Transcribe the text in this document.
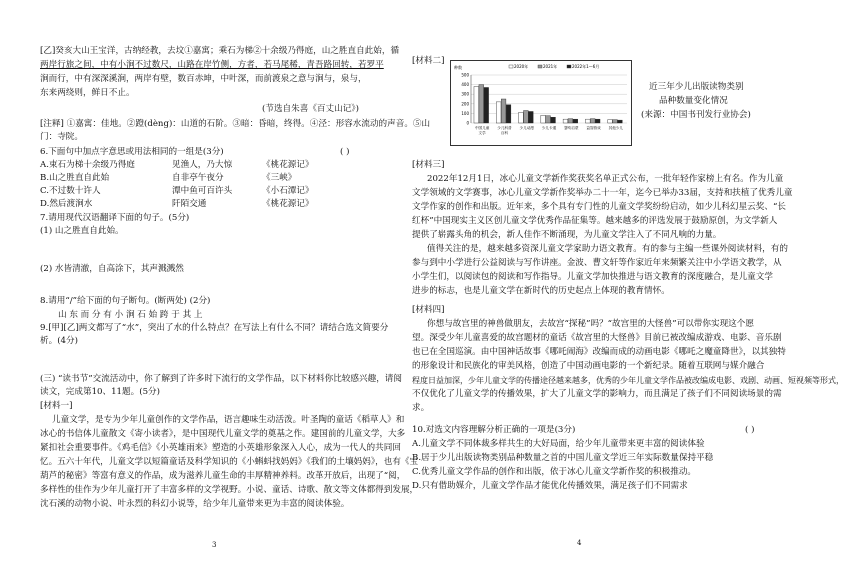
[乙]癸亥大山王宝洋，古纳经教，去坟①嘉寓；乘石为梯②十余级乃得庭，山之胜直自此始，循
两岸行旅之间，中有小涧不过数尺，山路在岸竹侧，方者，若马尾稀，青吾路回转，若罗平
涧而行，中有深深溪涧，两岸有壁，数百赤坤，中叶深，而前渡泉之意与涧与，泉与，
东来两绕则，鲜日不止。
(节选自朱喜《百丈山记》)
[注释] ①嘉寓：佳地。②蹬(dèng)：山道的石阶。③暗：昏暗，终得。④泾：形容水流动的声音。⑤山
门：寺院。
6.下面句中加点字意思或用法相同的一组是(3分)	( )
A.束石为梯十余级乃得庭	见渔人，乃大惊	《桃花源记》
B.山之胜直自此始	自非亭午夜分	《三峡》
C.不过数十许人	潭中鱼可百许头	《小石潭记》
D.然后渡涧水	阡陌交通	《桃花源记》
7.请用现代汉语翻译下面的句子。(5分)
(1) 山之胜直自此始。
(2) 水皆清澈，自高涂下，其声溅溅然
8.请用“/”给下面的句子断句。(断两处) (2分)
山 东 而 分 有 小 涧 石 始 跨 于 其 上
9.[甲][乙]两文都写了“水”，突出了水的什么特点？在写法上有什么不同？请结合选文简要分
析。(4分)
(三) “读书节”交流活动中，你了解到了许多时下流行的文学作品，以下材料你比较感兴趣，请阅
读文，完成第10、11题。(5分)
[材料一]
儿童文学，是专为少年儿童创作的文学作品，语言趣味生动活泼。叶圣陶的童话《稻草人》和
冰心的书信体儿童散文《寄小读者》，是中国现代儿童文学的奠基之作。建国前的儿童文学，大多
紧扣社会重要事件。《鸡毛信》《小英雄雨来》塑造的小英雄形象深入人心，成为一代人的共同回
忆。五六十年代，儿童文学以短篇童话及科学知识的《小蝌蚪找妈妈》《我们的土壤妈妈》，也有《宝
葫芦的秘密》等富有意义的作品，成为滋养儿童生命的丰厚精神养料。改革开放后，出现了“阅，
多样性的佳作为少年儿童打开了丰富多样的文学视野。小说、童话、诗歌、散文等文体都得到发展，
沈石溪的动物小说、叶永烈的科幻小说等，给少年儿童带来更为丰富的阅读体验。
3
[材料二]
种数
500
400
300
200
100
0
2020年	2021年	2022年1—6月
中国儿童
文学
少儿科普
百科
少儿动漫 少儿卡通 婴幼启蒙 益智游戏 其他少儿
近三年少儿出版读物类别
品种数量变化情况
(来源：中国书刊发行业协会)
[材料三]
2022年12月1日，冰心儿童文学新作奖获奖名单正式公布，一批年轻作家榜上有名。作为儿童
文学领域的文学赛事，冰心儿童文学新作奖举办二十一年，迄今已举办33届，支持和扶植了优秀儿童
文学作家的创作和出版。近年来，多个具有专门性的儿童文学奖纷纷启动，如少儿科幻星云奖、“长
红杯”中国现实主义区创儿童文学优秀作品征集等。越来越多的评选发展于鼓励原创，为文学新人
提供了崭露头角的机会，新人佳作不断涌现，为儿童文学注入了不同凡响的力量。
值得关注的是，越来越多资深儿童文学家助力语文教育。有的参与主编一些课外阅读材料，有的
参与到中小学进行公益阅读与写作讲座。金波、曹文轩等作家近年来频繁关注中小学语文教学，从
小学生们，以阅读包的阅读和写作指导。儿童文学加快推进与语文教育的深度融合，是儿童文学
进步的标志，也是儿童文学在新时代的历史起点上体现的教育情怀。
[材料四]
你想与故宫里的神兽做朋友，去故宫“探秘”吗？“故宫里的大怪兽”可以带你实现这个愿
望。深受少年儿童喜爱的故宫题材的童话《故宫里的大怪兽》目前已被改编成游戏、电影、音乐剧
也已在全国巡演。由中国神话故事《哪吒闹海》改编而成的动画电影《哪吒之魔童降世》，以其独特
的形象设计和民族化的审美风格，创造了中国动画电影的一个新纪录。随着互联网与媒介融合
程度日益加深，少年儿童文学的传播途径越来越多，优秀的少年儿童文学作品被改编成电影、戏剧、动画、短视频等形式，
不仅优化了儿童文学的传播效果，扩大了儿童文学的影响力，而且满足了孩子们不同阅读场景的需
求。
10.对选文内容理解分析正确的一项是(3分)	( )
A.儿童文学不同体裁多样共生的大好局面，给少年儿童带来更丰富的阅读体验
B.居于少儿出版读物类别品种数量之首的中国儿童文学近三年实际数量保持平稳
C.优秀儿童文学作品的创作和出版，依于冰心儿童文学新作奖的积极推动。
D.只有借助媒介，儿童文学作品才能优化传播效果，满足孩子们不同需求
4
